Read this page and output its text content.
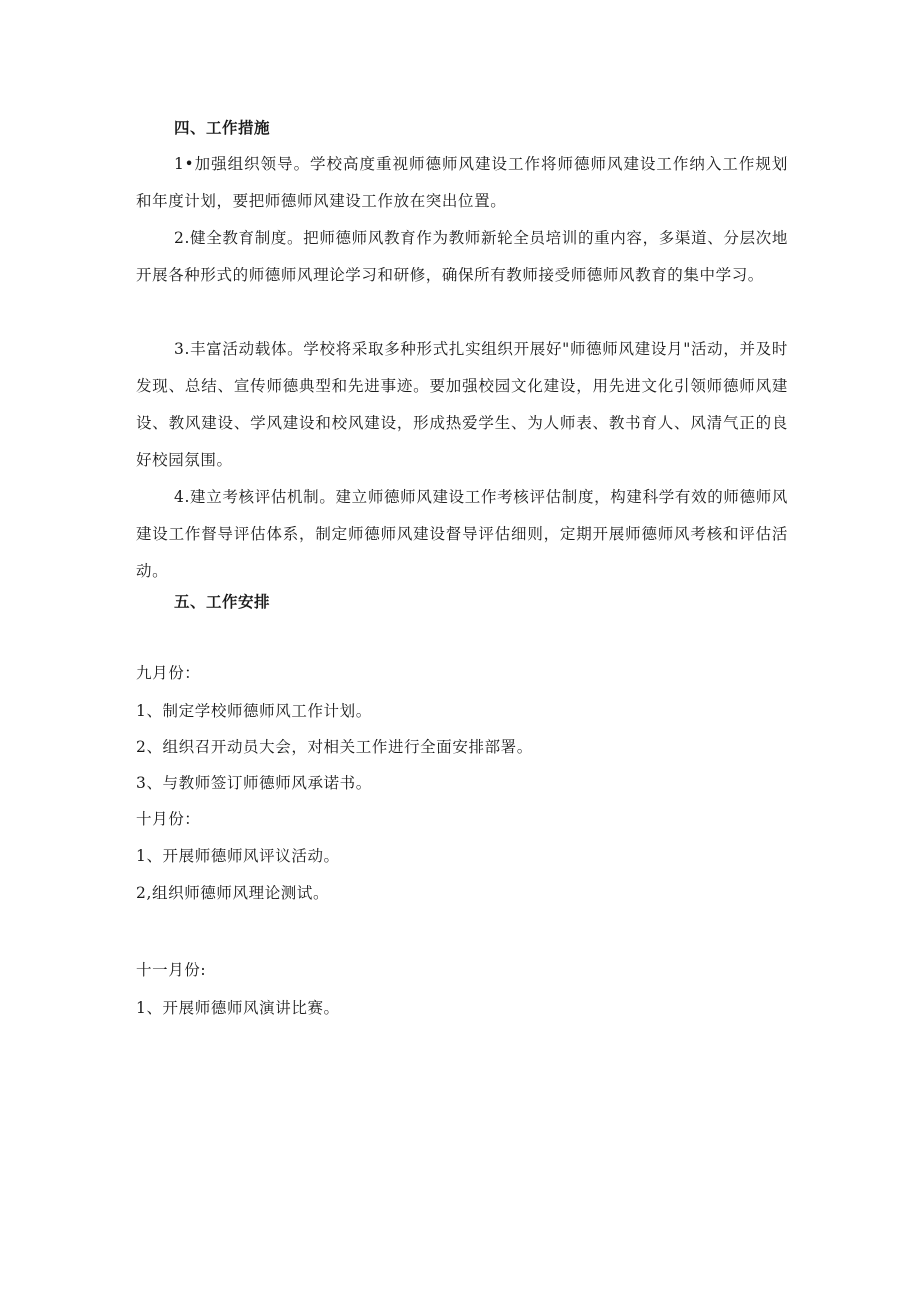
四、工作措施
1•加强组织领导。学校高度重视师德师风建设工作将师德师风建设工作纳入工作规划和年度计划，要把师德师风建设工作放在突出位置。
2.健全教育制度。把师德师风教育作为教师新轮全员培训的重内容，多渠道、分层次地开展各种形式的师德师风理论学习和研修，确保所有教师接受师德师风教育的集中学习。
3.丰富活动载体。学校将采取多种形式扎实组织开展好"师德师风建设月"活动，并及时发现、总结、宣传师德典型和先进事迹。要加强校园文化建设，用先进文化引领师德师风建设、教风建设、学风建设和校风建设，形成热爱学生、为人师表、教书育人、风清气正的良好校园氛围。
4.建立考核评估机制。建立师德师风建设工作考核评估制度，构建科学有效的师德师风建设工作督导评估体系，制定师德师风建设督导评估细则，定期开展师德师风考核和评估活动。
五、工作安排
九月份：
1、制定学校师德师风工作计划。
2、组织召开动员大会，对相关工作进行全面安排部署。
3、与教师签订师德师风承诺书。
十月份：
1、开展师德师风评议活动。
2,组织师德师风理论测试。
十一月份:
1、开展师德师风演讲比赛。
